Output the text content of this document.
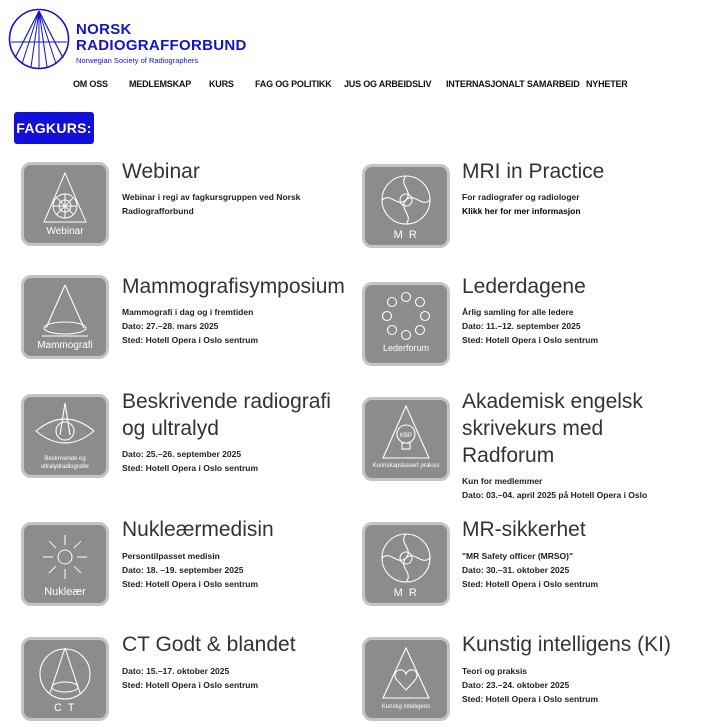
NORSK
RADIOGRAFFORBUND
Norwegian Society of Radiographers
OM OSS MEDLEMSKAP KURS FAG OG POLITIKK JUS OG ARBEIDSLIV INTERNASJONALT SAMARBEID NYHETER
FAGKURS:
Webinar
Webinar
Webinar i regi av fagkursgruppen ved Norsk
Radiografforbund
M R
MRI in Practice
For radiografer og radiologer
Klikk her for mer informasjon
Mammografi
Mammografisymposium
Mammografi i dag og i fremtiden
Dato: 27.–28. mars 2025
Sted: Hotell Opera i Oslo sentrum
Lederforum
Lederdagene
Årlig samling for alle ledere
Dato: 11.–12. september 2025
Sted: Hotell Opera i Oslo sentrum
Beskrivende og ultralydradiografer
Beskrivende radiografi
og ultralyd
Dato: 25.–26. september 2025
Sted: Hotell Opera i Oslo sentrum
KBP
Kunnskapsbasert praksis
Akademisk engelsk
skrivekurs med
Radforum
Kun for medlemmer
Dato: 03.–04. april 2025 på Hotell Opera i Oslo
Nukleær
Nukleærmedisin
Persontilpasset medisin
Dato: 18. –19. september 2025
Sted: Hotell Opera i Oslo sentrum
M R
MR-sikkerhet
"MR Safety officer (MRSO)"
Dato: 30.–31. oktober 2025
Sted: Hotell Opera i Oslo sentrum
C T
CT Godt & blandet
Dato: 15.–17. oktober 2025
Sted: Hotell Opera i Oslo sentrum
Kunstig intelligens
Kunstig intelligens (KI)
Teori og praksis
Dato: 23.–24. oktober 2025
Sted: Hotell Opera i Oslo sentrum
